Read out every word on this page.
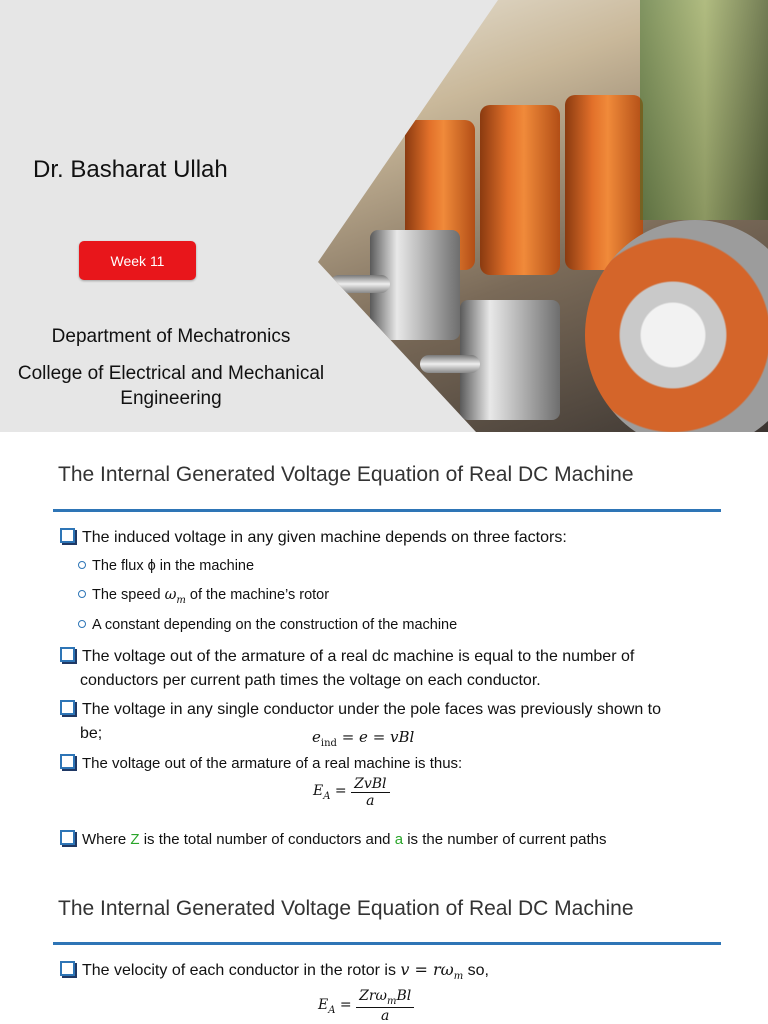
Dr. Basharat Ullah
Week 11
Department of Mechatronics
College of Electrical and Mechanical
Engineering
The Internal Generated Voltage Equation of Real DC Machine
The induced voltage in any given machine depends on three factors:
The flux ϕ in the machine
The speed $\omega_m$ of the machine’s rotor
A constant depending on the construction of the machine
The voltage out of the armature of a real dc machine is equal to the number of
conductors per current path times the voltage on each conductor.
The voltage in any single conductor under the pole faces was previously shown to
be;	$e_{ind} = e$ = vBl
The voltage out of the armature of a real machine is thus:
$E_A = \frac{\text{ZvBl}}{a}$
Where Z is the total number of conductors and a is the number of current paths
The Internal Generated Voltage Equation of Real DC Machine
The velocity of each conductor in the rotor is $v = r\omega_m$ so,
$E_A = \frac{Zr\omega_mBl}{a}$
